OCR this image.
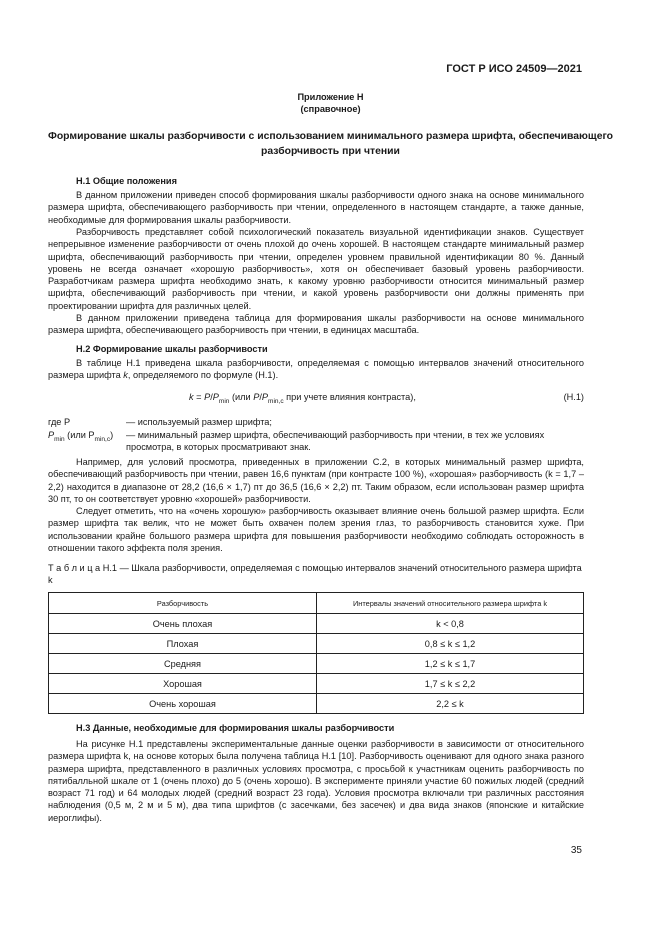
ГОСТ Р ИСО 24509—2021
Приложение Н
(справочное)
Формирование шкалы разборчивости с использованием минимального размера шрифта, обеспечивающего разборчивость при чтении
Н.1 Общие положения

В данном приложении приведен способ формирования шкалы разборчивости одного знака на основе минимального размера шрифта, обеспечивающего разборчивость при чтении, определенного в настоящем стандарте, а также данные, необходимые для формирования шкалы разборчивости.

Разборчивость представляет собой психологический показатель визуальной идентификации знаков. Существует непрерывное изменение разборчивости от очень плохой до очень хорошей. В настоящем стандарте минимальный размер шрифта, обеспечивающий разборчивость при чтении, определен уровнем правильной идентификации 80 %. Данный уровень не всегда означает «хорошую разборчивость», хотя он обеспечивает базовый уровень разборчивости. Разработчикам размера шрифта необходимо знать, к какому уровню разборчивости относится минимальный размер шрифта, обеспечивающий разборчивость при чтении, и какой уровень разборчивости они должны применять при проектировании шрифта для различных целей.

В данном приложении приведена таблица для формирования шкалы разборчивости на основе минимального размера шрифта, обеспечивающего разборчивость при чтении, в единицах масштаба.

Н.2 Формирование шкалы разборчивости

В таблице Н.1 приведена шкала разборчивости, определяемая с помощью интервалов значений относительного размера шрифта k, определяемого по формуле (Н.1).

$k = P/P_{min}$ (или $P/P_{min,c}$ при учете влияния контраста),	(Н.1)
где P	— используемый размер шрифта;
$P_{min}$ (или $P_{min,c}$) — минимальный размер шрифта, обеспечивающий разборчивость при чтении, в тех же условиях просмотра, в которых просматривают знак.

Например, для условий просмотра, приведенных в приложении С.2, в которых минимальный размер шрифта, обеспечивающий разборчивость при чтении, равен 16,6 пунктам (при контрасте 100 %), «хорошая» разборчивость (k = 1,7 – 2,2) находится в диапазоне от 28,2 (16,6 × 1,7) пт до 36,5 (16,6 × 2,2) пт. Таким образом, если использован размер шрифта 30 пт, то он соответствует уровню «хорошей» разборчивости.

Следует отметить, что на «очень хорошую» разборчивость оказывает влияние очень большой размер шрифта. Если размер шрифта так велик, что не может быть охвачен полем зрения глаз, то разборчивость становится хуже. При использовании крайне большого размера шрифта для повышения разборчивости необходимо соблюдать осторожность в отношении такого эффекта поля зрения.

Т а б л и ц а Н.1 — Шкала разборчивости, определяемая с помощью интервалов значений относительного размера шрифта k
Разборчивость	Интервалы значений относительного размера шрифта k
Очень плохая	k < 0,8
Плохая	0,8 ≤ k ≤ 1,2
Средняя	1,2 ≤ k ≤ 1,7
Хорошая	1,7 ≤ k ≤ 2,2
Очень хорошая	2,2 ≤ k
Н.3 Данные, необходимые для формирования шкалы разборчивости

На рисунке Н.1 представлены экспериментальные данные оценки разборчивости в зависимости от относительного размера шрифта k, на основе которых была получена таблица Н.1 [10]. Разборчивость оценивают для одного знака разного размера шрифта, представленного в различных условиях просмотра, с просьбой к участникам оценить разборчивость по пятибалльной шкале от 1 (очень плохо) до 5 (очень хорошо). В эксперименте приняли участие 60 пожилых людей (средний возраст 71 год) и 64 молодых людей (средний возраст 23 года). Условия просмотра включали три различных расстояния наблюдения (0,5 м, 2 м и 5 м), два типа шрифтов (с засечками, без засечек) и два вида знаков (японские и китайские иероглифы).

35
